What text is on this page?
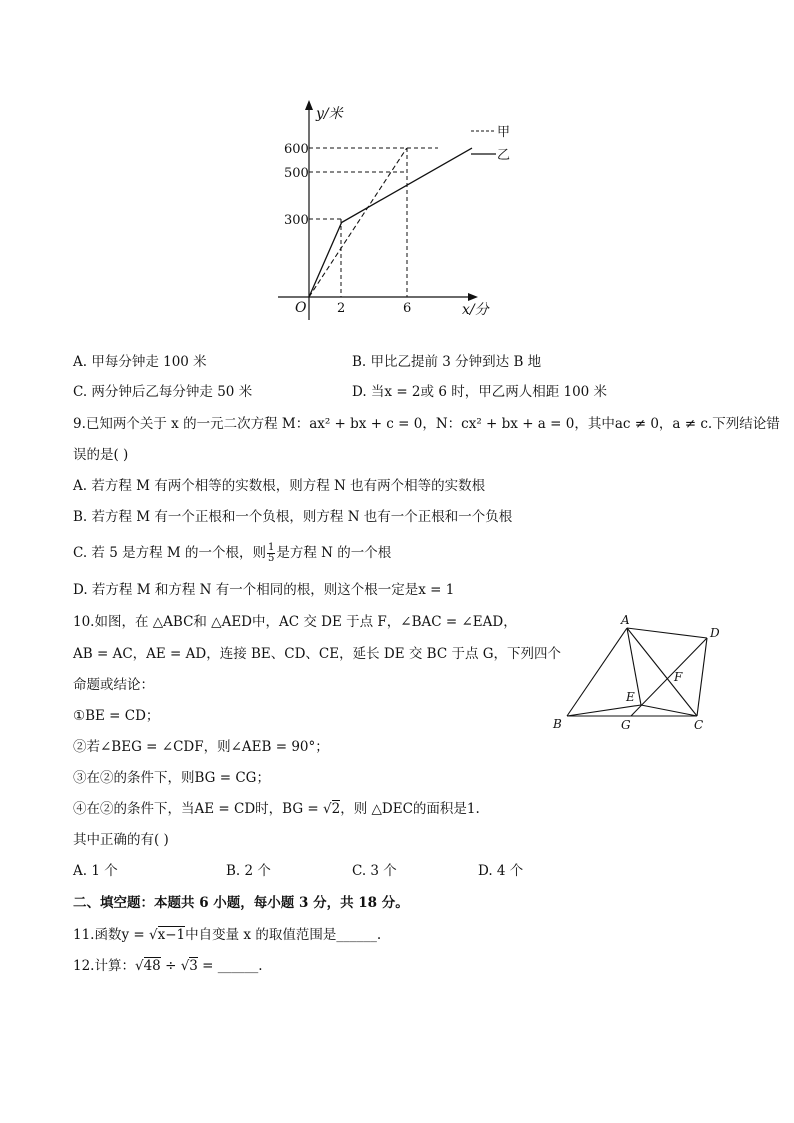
y/米
x/分
O
600
500
300
2	6
甲
乙
A. 甲每分钟走 100 米	B. 甲比乙提前 3 分钟到达 B 地
C. 两分钟后乙每分钟走 50 米	D. 当x = 2或 6 时，甲乙两人相距 100 米
9.已知两个关于 x 的一元二次方程 M：ax² + bx + c = 0，N：cx² + bx + a = 0，其中ac ≠ 0，a ≠ c.下列结论错
误的是( )
A. 若方程 M 有两个相等的实数根，则方程 N 也有两个相等的实数根
B. 若方程 M 有一个正根和一个负根，则方程 N 也有一个正根和一个负根
C. 若 5 是方程 M 的一个根，则 $\frac{1}{5}$ 是方程 N 的一个根
D. 若方程 M 和方程 N 有一个相同的根，则这个根一定是x = 1
10.如图，在 △ABC和 △AED中，AC 交 DE 于点 F，∠BAC = ∠EAD，
AB = AC，AE = AD，连接 BE、CD、CE，延长 DE 交 BC 于点 G，下列四个
命题或结论：
①BE = CD；
②若∠BEG = ∠CDF，则∠AEB = 90°；
③在②的条件下，则BG = CG；
④在②的条件下，当AE = CD时，BG = √2，则 △DEC的面积是1.
其中正确的有( )
A. 1 个	B. 2 个	C. 3 个	D. 4 个
A
D
F
E
B	G	C
二、填空题：本题共 6 小题，每小题 3 分，共 18 分。
11.函数y = √x−1中自变量 x 的取值范围是______.
12.计算：√48 ÷ √3 = ______.
